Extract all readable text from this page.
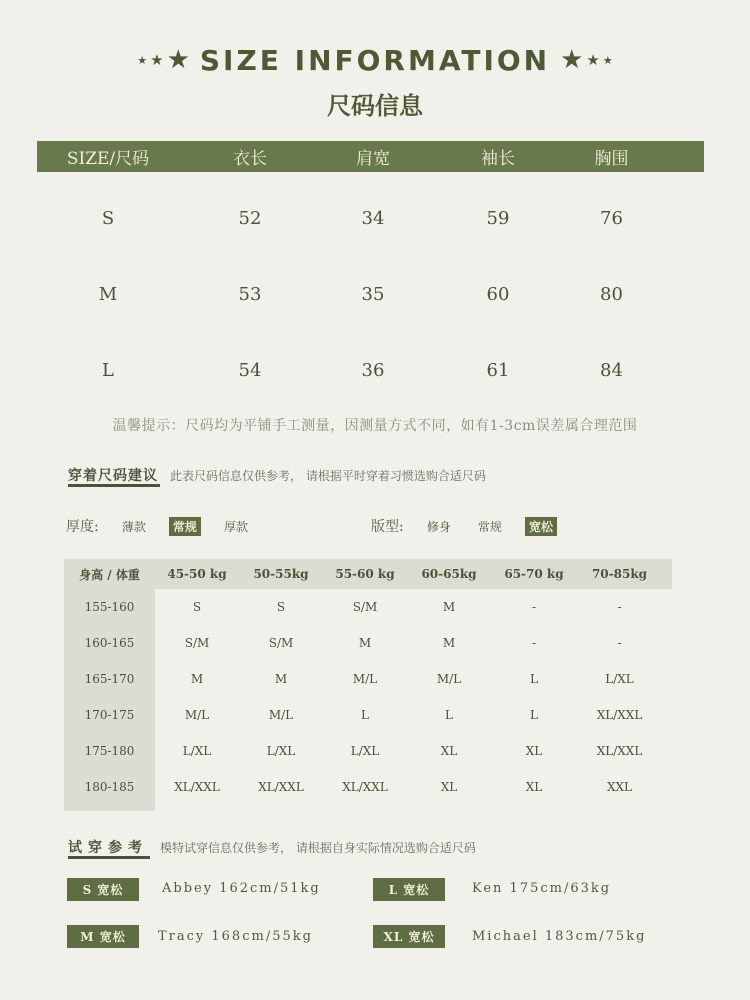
★ ★ ★ SIZE INFORMATION ★ ★ ★
尺码信息
SIZE/尺码	衣长	肩宽	袖长	胸围
S	52	34	59	76
M	53	35	60	80
L	54	36	61	84
温馨提示：尺码均为平铺手工测量，因测量方式不同，如有1-3cm误差属合理范围
穿着尺码建议 此表尺码信息仅供参考， 请根据平时穿着习惯选购合适尺码
厚度: 薄款 常规 厚款	版型: 修身 常规 宽松
身高 / 体重	45-50 kg	50-55kg	55-60 kg	60-65kg	65-70 kg	70-85kg
155-160	S	S	S/M	M	-	-
160-165	S/M	S/M	M	M	-	-
165-170	M	M	M/L	M/L	L	L/XL
170-175	M/L	M/L	L	L	L	XL/XXL
175-180	L/XL	L/XL	L/XL	XL	XL	XL/XXL
180-185	XL/XXL	XL/XXL	XL/XXL	XL	XL	XXL
试穿参考 模特试穿信息仅供参考， 请根据自身实际情况选购合适尺码
S 宽松	Abbey 162cm/51kg	L 宽松	Ken 175cm/63kg
M 宽松	Tracy 168cm/55kg	XL 宽松	Michael 183cm/75kg
